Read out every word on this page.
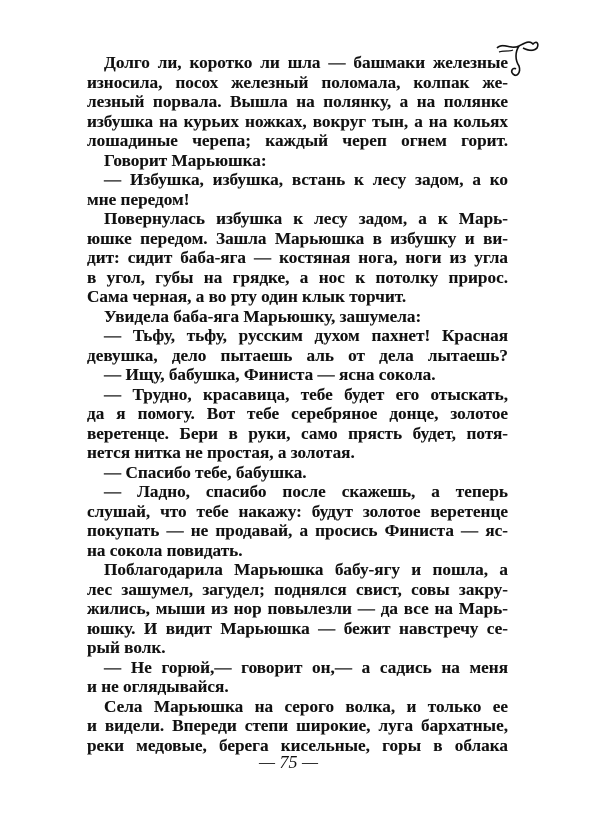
Долго ли, коротко ли шла — башмаки железные
износила, посох железный поломала, колпак же-
лезный порвала. Вышла на полянку, а на полянке
избушка на курьих ножках, вокруг тын, а на кольях
лошадиные черепа; каждый череп огнем горит.
Говорит Марьюшка:
— Избушка, избушка, встань к лесу задом, а ко
мне передом!
Повернулась избушка к лесу задом, а к Марь-
юшке передом. Зашла Марьюшка в избушку и ви-
дит: сидит баба-яга — костяная нога, ноги из угла
в угол, губы на грядке, а нос к потолку прирос.
Сама черная, а во рту один клык торчит.
Увидела баба-яга Марьюшку, зашумела:
— Тьфу, тьфу, русским духом пахнет! Красная
девушка, дело пытаешь аль от дела лытаешь?
— Ищу, бабушка, Финиста — ясна сокола.
— Трудно, красавица, тебе будет его отыскать,
да я помогу. Вот тебе серебряное донце, золотое
веретенце. Бери в руки, само прясть будет, потя-
нется нитка не простая, а золотая.
— Спасибо тебе, бабушка.
— Ладно, спасибо после скажешь, а теперь
слушай, что тебе накажу: будут золотое веретенце
покупать — не продавай, а просись Финиста — яс-
на сокола повидать.
Поблагодарила Марьюшка бабу-ягу и пошла, а
лес зашумел, загудел; поднялся свист, совы закру-
жились, мыши из нор повылезли — да все на Марь-
юшку. И видит Марьюшка — бежит навстречу се-
рый волк.
— Не горюй,— говорит он,— а садись на меня
и не оглядывайся.
Села Марьюшка на серого волка, и только ее
и видели. Впереди степи широкие, луга бархатные,
реки медовые, берега кисельные, горы в облака
— 75 —
